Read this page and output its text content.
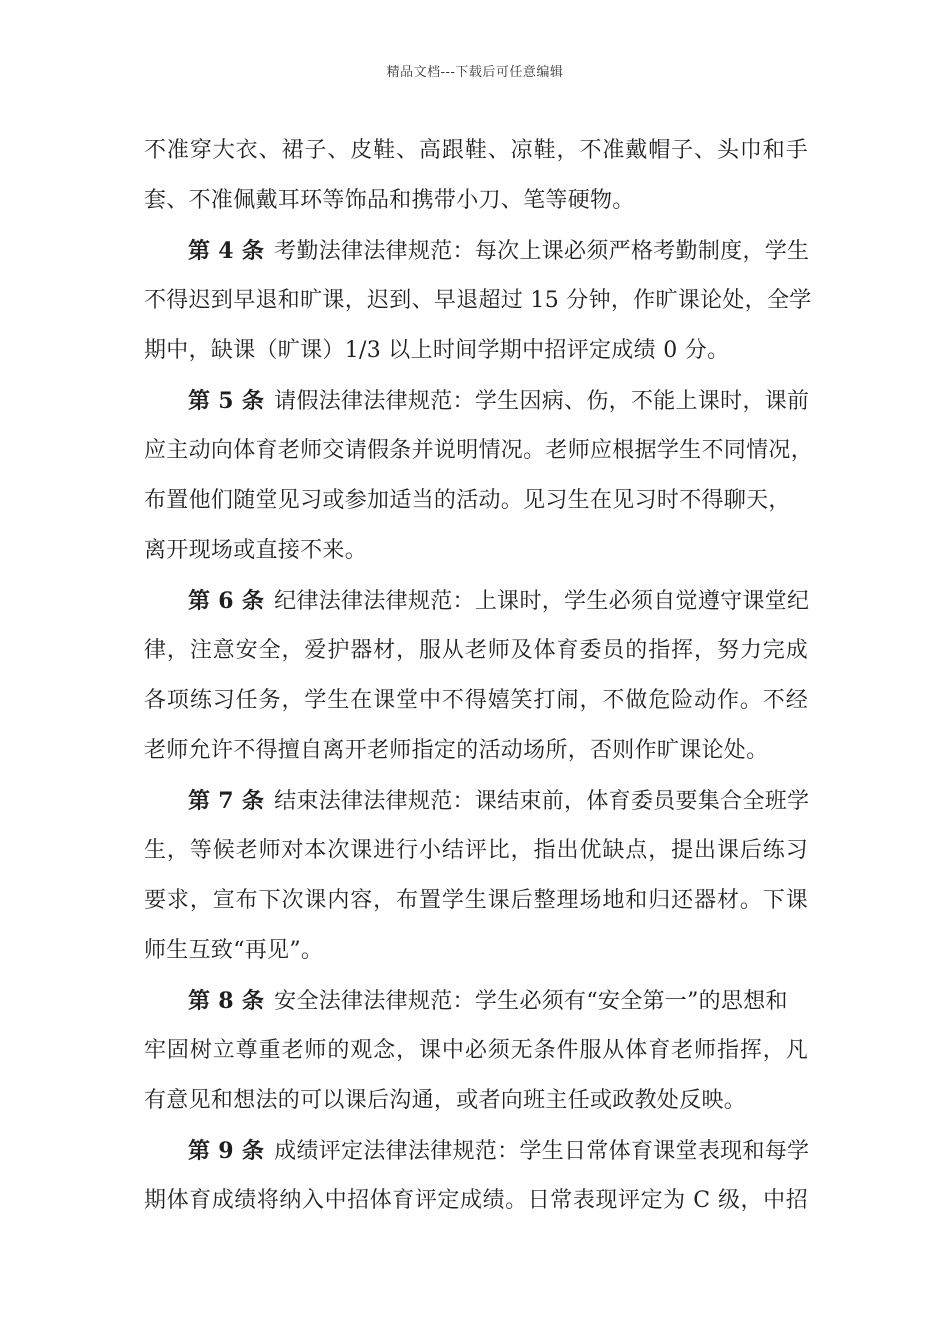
精品文档---下载后可任意编辑
不准穿大衣、裙子、皮鞋、高跟鞋、凉鞋，不准戴帽子、头巾和手
套、不准佩戴耳环等饰品和携带小刀、笔等硬物。
第 4 条 考勤法律法律规范：每次上课必须严格考勤制度，学生
不得迟到早退和旷课，迟到、早退超过 15 分钟，作旷课论处，全学
期中，缺课（旷课）1/3 以上时间学期中招评定成绩 0 分。
第 5 条 请假法律法律规范：学生因病、伤，不能上课时，课前
应主动向体育老师交请假条并说明情况。老师应根据学生不同情况，
布置他们随堂见习或参加适当的活动。见习生在见习时不得聊天，
离开现场或直接不来。
第 6 条 纪律法律法律规范：上课时，学生必须自觉遵守课堂纪
律，注意安全，爱护器材，服从老师及体育委员的指挥，努力完成
各项练习任务，学生在课堂中不得嬉笑打闹，不做危险动作。不经
老师允许不得擅自离开老师指定的活动场所，否则作旷课论处。
第 7 条 结束法律法律规范：课结束前，体育委员要集合全班学
生，等候老师对本次课进行小结评比，指出优缺点，提出课后练习
要求，宣布下次课内容，布置学生课后整理场地和归还器材。下课
师生互致“再见”。
第 8 条 安全法律法律规范：学生必须有“安全第一”的思想和
牢固树立尊重老师的观念，课中必须无条件服从体育老师指挥，凡
有意见和想法的可以课后沟通，或者向班主任或政教处反映。
第 9 条 成绩评定法律法律规范：学生日常体育课堂表现和每学
期体育成绩将纳入中招体育评定成绩。日常表现评定为 C 级，中招
